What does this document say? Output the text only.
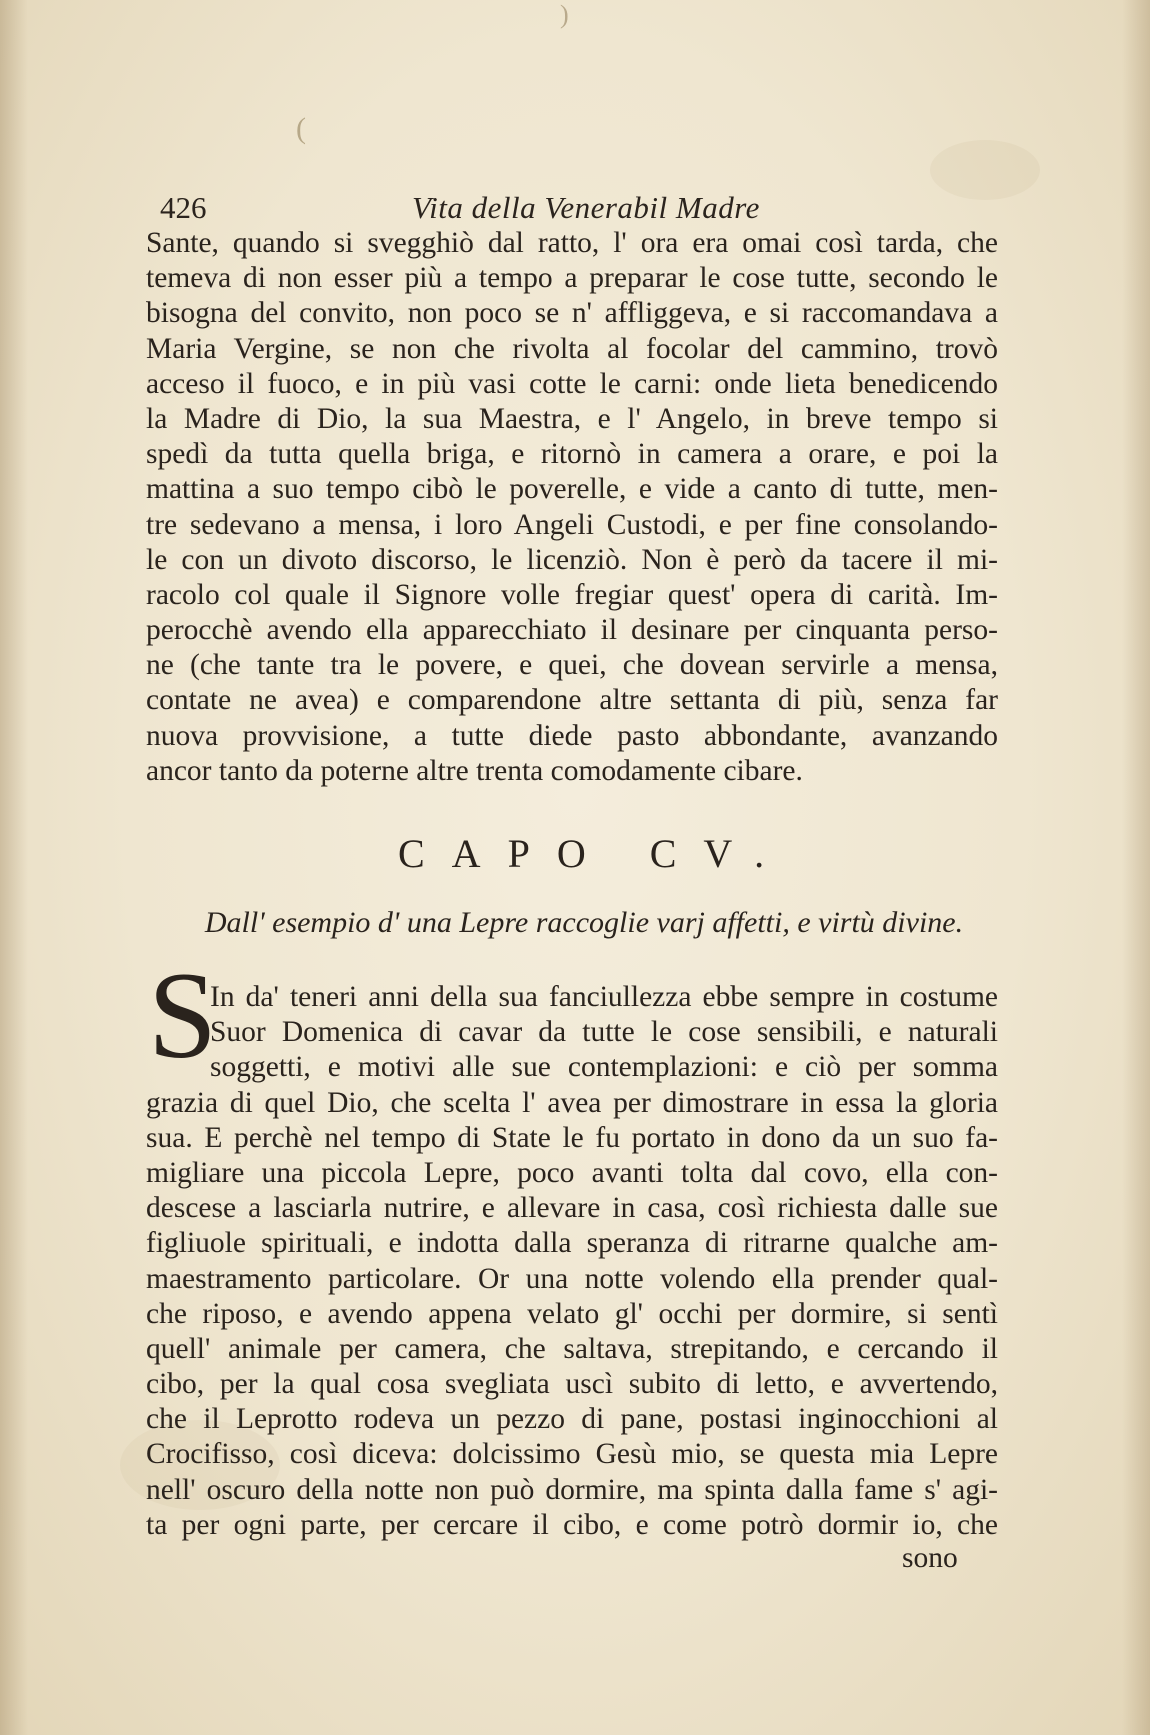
)
(
426	Vita della Venerabil Madre
Sante, quando si svegghiò dal ratto, l' ora era omai così tarda, che
temeva di non esser più a tempo a preparar le cose tutte, secondo le
bisogna del convito, non poco se n' affliggeva, e si raccomandava a
Maria Vergine, se non che rivolta al focolar del cammino, trovò
acceso il fuoco, e in più vasi cotte le carni: onde lieta benedicendo
la Madre di Dio, la sua Maestra, e l' Angelo, in breve tempo si
spedì da tutta quella briga, e ritornò in camera a orare, e poi la
mattina a suo tempo cibò le poverelle, e vide a canto di tutte, men-
tre sedevano a mensa, i loro Angeli Custodi, e per fine consolando-
le con un divoto discorso, le licenziò. Non è però da tacere il mi-
racolo col quale il Signore volle fregiar quest' opera di carità. Im-
perocchè avendo ella apparecchiato il desinare per cinquanta perso-
ne (che tante tra le povere, e quei, che dovean servirle a mensa,
contate ne avea) e comparendone altre settanta di più, senza far
nuova provvisione, a tutte diede pasto abbondante, avanzando
ancor tanto da poterne altre trenta comodamente cibare.
CAPO CV.
Dall' esempio d' una Lepre raccoglie varj affetti, e virtù divine.
S
In da' teneri anni della sua fanciullezza ebbe sempre in costume
Suor Domenica di cavar da tutte le cose sensibili, e naturali
soggetti, e motivi alle sue contemplazioni: e ciò per somma
grazia di quel Dio, che scelta l' avea per dimostrare in essa la gloria
sua. E perchè nel tempo di State le fu portato in dono da un suo fa-
migliare una piccola Lepre, poco avanti tolta dal covo, ella con-
descese a lasciarla nutrire, e allevare in casa, così richiesta dalle sue
figliuole spirituali, e indotta dalla speranza di ritrarne qualche am-
maestramento particolare. Or una notte volendo ella prender qual-
che riposo, e avendo appena velato gl' occhi per dormire, si sentì
quell' animale per camera, che saltava, strepitando, e cercando il
cibo, per la qual cosa svegliata uscì subito di letto, e avvertendo,
che il Leprotto rodeva un pezzo di pane, postasi inginocchioni al
Crocifisso, così diceva: dolcissimo Gesù mio, se questa mia Lepre
nell' oscuro della notte non può dormire, ma spinta dalla fame s' agi-
ta per ogni parte, per cercare il cibo, e come potrò dormir io, che
sono
